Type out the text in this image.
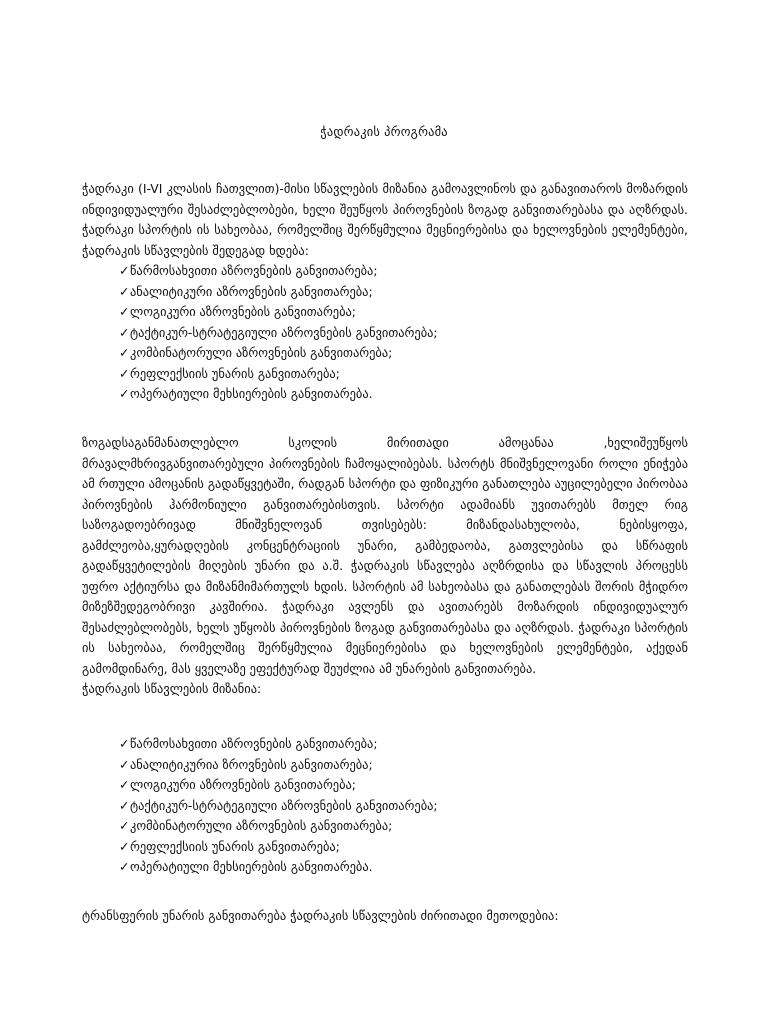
ჭადრაკის პროგრამა

ჭადრაკი (I-VI კლასის ჩათვლით)-მისი სწავლების მიზანია გამოავლინოს და განავითაროს მოზარდის ინდივიდუალური შესაძლებლობები, ხელი შეუწყოს პიროვნების ზოგად განვითარებასა და აღზრდას. ჭადრაკი სპორტის ის სახეობაა, რომელშიც შერწყმულია მეცნიერებისა და ხელოვნების ელემენტები, ჭადრაკის სწავლების შედეგად ხდება:

✓წარმოსახვითი აზროვნების განვითარება;
✓ანალიტიკური აზროვნების განვითარება;
✓ლოგიკური აზროვნების განვითარება;
✓ტაქტიკურ-სტრატეგიული აზროვნების განვითარება;
✓კომბინატორული აზროვნების განვითარება;
✓რეფლექსიის უნარის განვითარება;
✓ოპერატიული მეხსიერების განვითარება.

ზოგადსაგანმანათლებლო სკოლის მირითადი ამოცანაა ,ხელიშეუწყოს მრავალმხრივგანვითარებული პიროვნების ჩამოყალიბებას. სპორტს მნიშვნელოვანი როლი ენიჭება ამ რთული ამოცანის გადაწყვეტაში, რადგან სპორტი და ფიზიკური განათლება აუცილებელი პირობაა პიროვნების ჰარმონიული განვითარებისთვის. სპორტი ადამიანს უვითარებს მთელ რიგ საზოგადოებრივად მნიშვნელოვან თვისებებს: მიზანდასახულობა, ნებისყოფა, გამძლეობა,ყურადღების კონცენტრაციის უნარი, გამბედაობა, გათვლებისა და სწრაფის გადაწყვეტილების მიღების უნარი და ა.შ. ჭადრაკის სწავლება აღზრდისა და სწავლის პროცესს უფრო აქტიურსა და მიზანმიმართულს ხდის. სპორტის ამ სახეობასა და განათლებას შორის მჭიდრო მიზეზშედეგობრივი კავშირია. ჭადრაკი ავლენს და ავითარებს მოზარდის ინდივიდუალურ შესაძლებლობებს, ხელს უწყობს პიროვნების ზოგად განვითარებასა და აღზრდას. ჭადრაკი სპორტის ის სახეობაა, რომელშიც შერწყმულია მეცნიერებისა და ხელოვნების ელემენტები, აქედან გამომდინარე, მას ყველაზე ეფექტურად შეუძლია ამ უნარების განვითარება.

ჭადრაკის სწავლების მიზანია:

✓წარმოსახვითი აზროვნების განვითარება;
✓ანალიტიკურია ზროვნების განვითარება;
✓ლოგიკური აზროვნების განვითარება;
✓ტაქტიკურ-სტრატეგიული აზროვნების განვითარება;
✓კომბინატორული აზროვნების განვითარება;
✓რეფლექსიის უნარის განვითარება;
✓ოპერატიული მეხსიერების განვითარება.

ტრანსფერის უნარის განვითარება ჭადრაკის სწავლების ძირითადი მეთოდებია:
